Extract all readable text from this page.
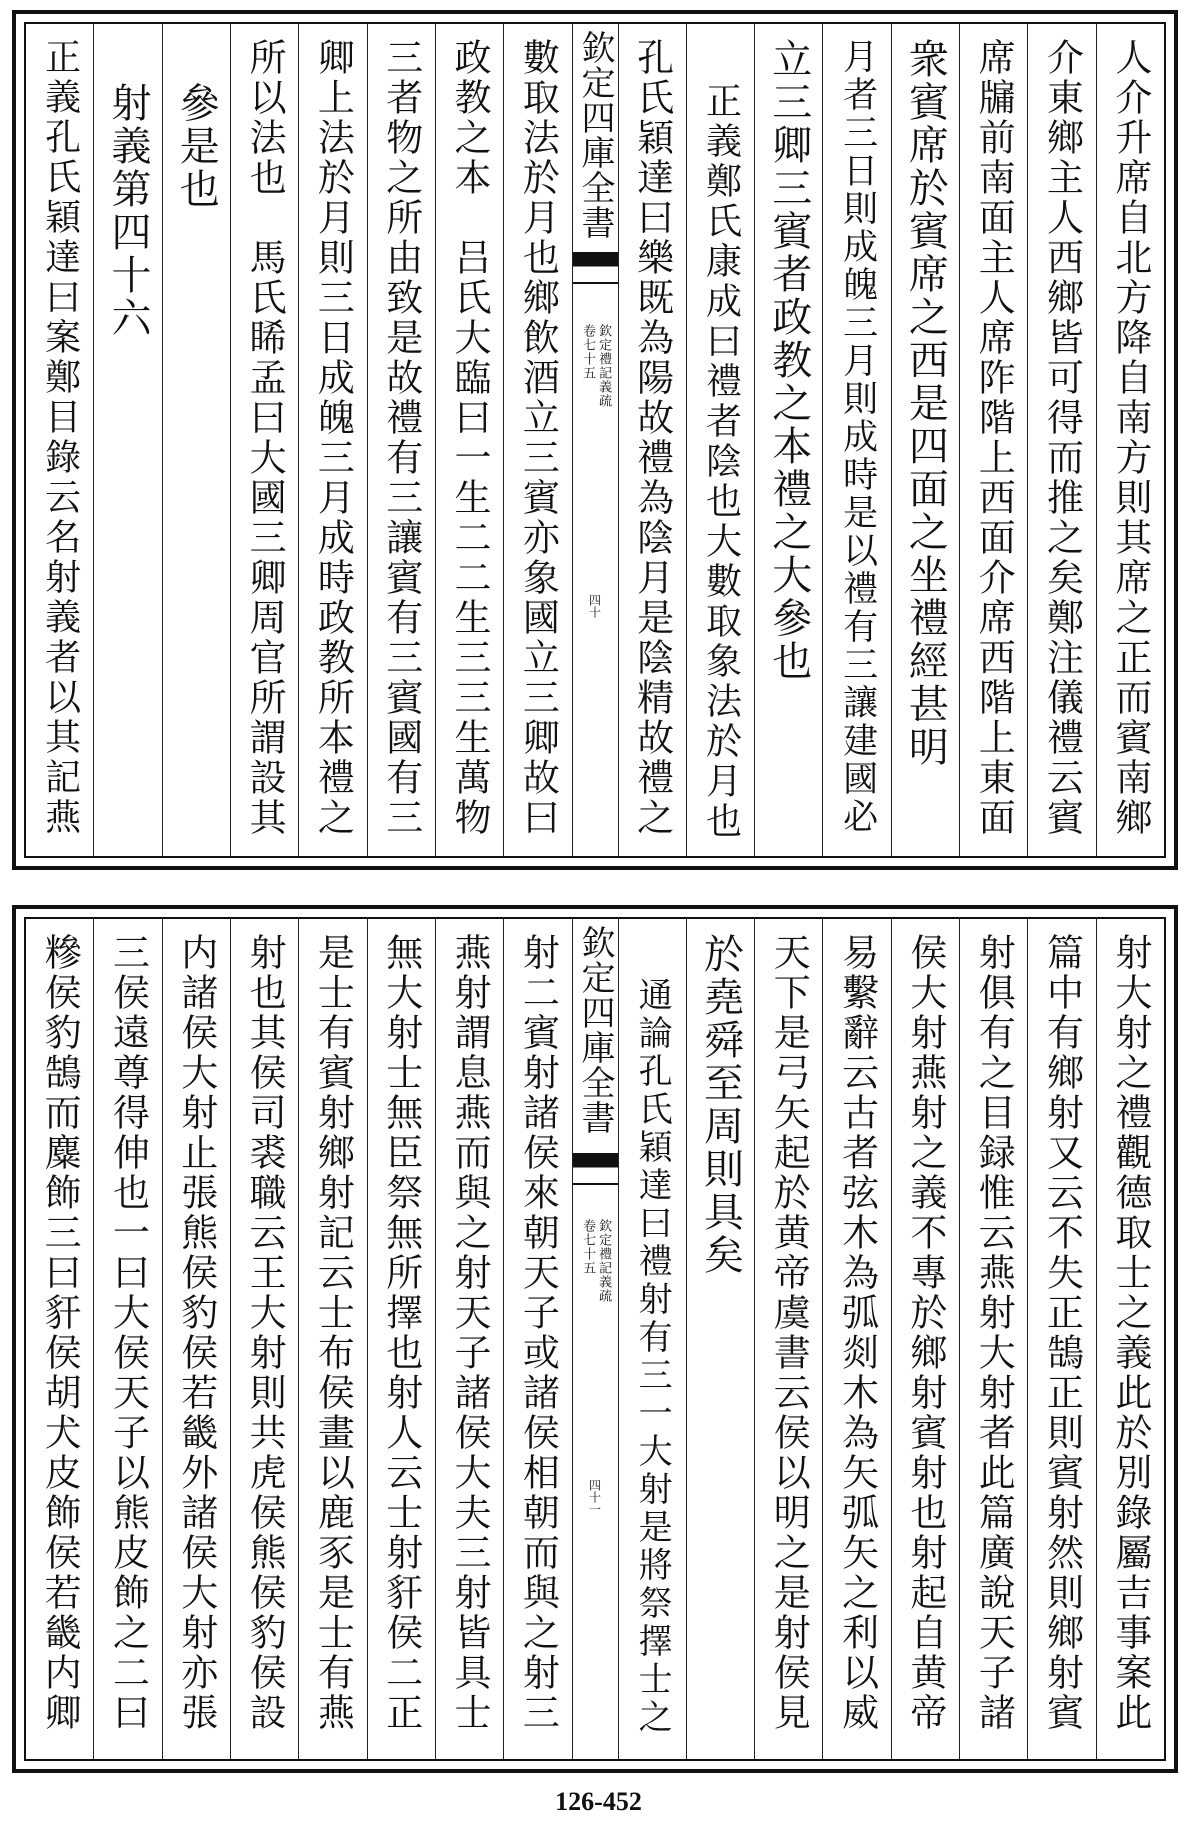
人介升席自北方降自南方則其席之正而賓南鄉
介東鄉主人西鄉皆可得而推之矣鄭注儀禮云賓
席牖前南面主人席阼階上西面介席西階上東面
衆賓席於賓席之西是四面之坐禮經甚明
月者三日則成魄三月則成時是以禮有三讓建國必
立三卿三賓者政教之本禮之大參也
正義鄭氏康成曰禮者陰也大數取象法於月也
孔氏穎達曰樂既為陽故禮為陰月是陰精故禮之
欽定四庫全書
欽定禮記義疏
卷七十五
四十
數取法於月也鄉飲酒立三賓亦象國立三卿故曰
政教之本　吕氏大臨曰一生二二生三三生萬物
三者物之所由致是故禮有三讓賓有三賓國有三
卿上法於月則三日成魄三月成時政教所本禮之
所以法也　馬氏睎孟曰大國三卿周官所謂設其
參是也
射義第四十六
正義孔氏穎達曰案鄭目錄云名射義者以其記燕
射大射之禮觀德取士之義此於別錄屬吉事案此
篇中有鄉射又云不失正鵠正則賓射然則鄉射賓
射俱有之目録惟云燕射大射者此篇廣說天子諸
侯大射燕射之義不專於鄉射賓射也射起自黄帝
易繫辭云古者弦木為弧剡木為矢弧矢之利以威
天下是弓矢起於黄帝虞書云侯以明之是射侯見
於堯舜至周則具矣
通論孔氏穎達曰禮射有三一大射是將祭擇士之
欽定四庫全書
欽定禮記義疏
卷七十五
四十一
射二賓射諸侯來朝天子或諸侯相朝而與之射三
燕射謂息燕而與之射天子諸侯大夫三射皆具士
無大射士無臣祭無所擇也射人云士射豻侯二正
是士有賓射鄉射記云士布侯畫以鹿豕是士有燕
射也其侯司裘職云王大射則共虎侯熊侯豹侯設
内諸侯大射止張熊侯豹侯若畿外諸侯大射亦張
三侯遠尊得伸也一曰大侯天子以熊皮飾之二曰
糝侯豹鵠而麋飾三曰豻侯胡犬皮飾侯若畿内卿
126-452
